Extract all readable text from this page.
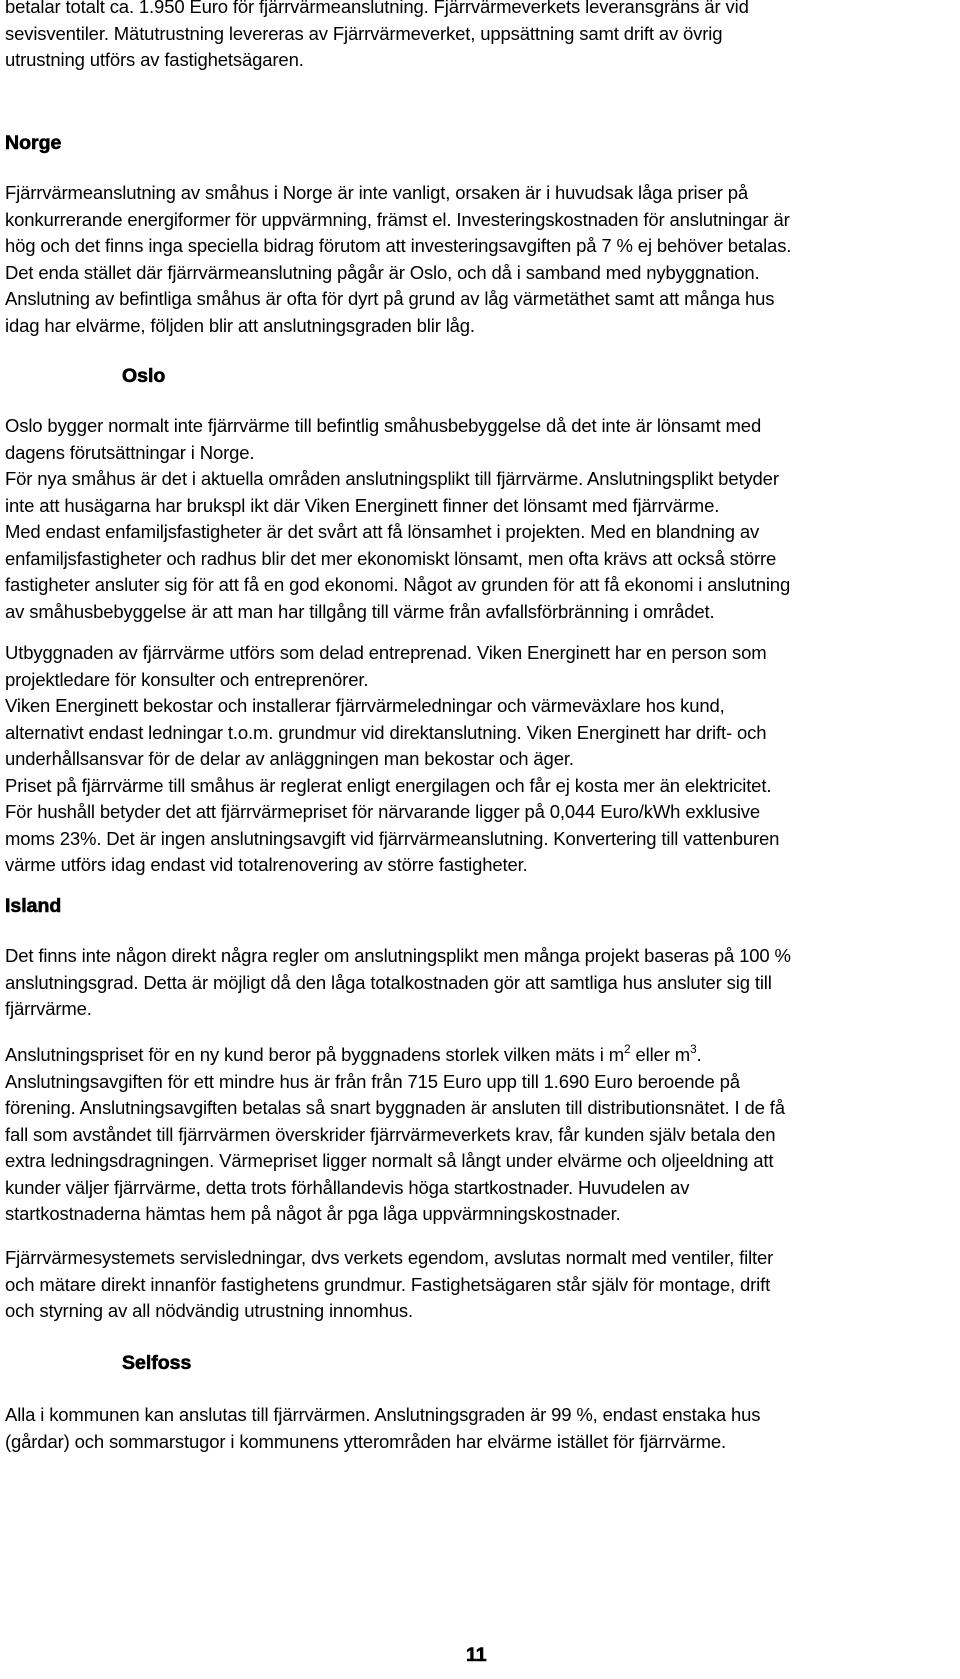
betalar totalt ca. 1.950 Euro för fjärrvärmeanslutning. Fjärrvärmeverkets leveransgräns är vid
sevisventiler. Mätutrustning levereras av Fjärrvärmeverket, uppsättning samt drift av övrig
utrustning utförs av fastighetsägaren.

Norge

Fjärrvärmeanslutning av småhus i Norge är inte vanligt, orsaken är i huvudsak låga priser på
konkurrerande energiformer för uppvärmning, främst el. Investeringskostnaden för anslutningar är
hög och det finns inga speciella bidrag förutom att investeringsavgiften på 7 % ej behöver betalas.
Det enda stället där fjärrvärmeanslutning pågår är Oslo, och då i samband med nybyggnation.
Anslutning av befintliga småhus är ofta för dyrt på grund av låg värmetäthet samt att många hus
idag har elvärme, följden blir att anslutningsgraden blir låg.

Oslo

Oslo bygger normalt inte fjärrvärme till befintlig småhusbebyggelse då det inte är lönsamt med
dagens förutsättningar i Norge.
För nya småhus är det i aktuella områden anslutningsplikt till fjärrvärme. Anslutningsplikt betyder
inte att husägarna har brukspl ikt där Viken Energinett finner det lönsamt med fjärrvärme.
Med endast enfamiljsfastigheter är det svårt att få lönsamhet i projekten. Med en blandning av
enfamiljsfastigheter och radhus blir det mer ekonomiskt lönsamt, men ofta krävs att också större
fastigheter ansluter sig för att få en god ekonomi. Något av grunden för att få ekonomi i anslutning
av småhusbebyggelse är att man har tillgång till värme från avfallsförbränning i området.

Utbyggnaden av fjärrvärme utförs som delad entreprenad. Viken Energinett har en person som
projektledare för konsulter och entreprenörer.
Viken Energinett bekostar och installerar fjärrvärmeledningar och värmeväxlare hos kund,
alternativt endast ledningar t.o.m. grundmur vid direktanslutning. Viken Energinett har drift- och
underhållsansvar för de delar av anläggningen man bekostar och äger.
Priset på fjärrvärme till småhus är reglerat enligt energilagen och får ej kosta mer än elektricitet.
För hushåll betyder det att fjärrvärmepriset för närvarande ligger på 0,044 Euro/kWh exklusive
moms 23%. Det är ingen anslutningsavgift vid fjärrvärmeanslutning. Konvertering till vattenburen
värme utförs idag endast vid totalrenovering av större fastigheter.

Island

Det finns inte någon direkt några regler om anslutningsplikt men många projekt baseras på 100 %
anslutningsgrad. Detta är möjligt då den låga totalkostnaden gör att samtliga hus ansluter sig till
fjärrvärme.

Anslutningspriset för en ny kund beror på byggnadens storlek vilken mäts i $m^2$ eller $m^3$.
Anslutningsavgiften för ett mindre hus är från från 715 Euro upp till 1.690 Euro beroende på
förening. Anslutningsavgiften betalas så snart byggnaden är ansluten till distributionsnätet. I de få
fall som avståndet till fjärrvärmen överskrider fjärrvärmeverkets krav, får kunden själv betala den
extra ledningsdragningen. Värmepriset ligger normalt så långt under elvärme och oljeeldning att
kunder väljer fjärrvärme, detta trots förhållandevis höga startkostnader. Huvudelen av
startkostnaderna hämtas hem på något år pga låga uppvärmningskostnader.

Fjärrvärmesystemets servisledningar, dvs verkets egendom, avslutas normalt med ventiler, filter
och mätare direkt innanför fastighetens grundmur. Fastighetsägaren står själv för montage, drift
och styrning av all nödvändig utrustning innomhus.

Selfoss

Alla i kommunen kan anslutas till fjärrvärmen. Anslutningsgraden är 99 %, endast enstaka hus
(gårdar) och sommarstugor i kommunens ytterområden har elvärme istället för fjärrvärme.

11
